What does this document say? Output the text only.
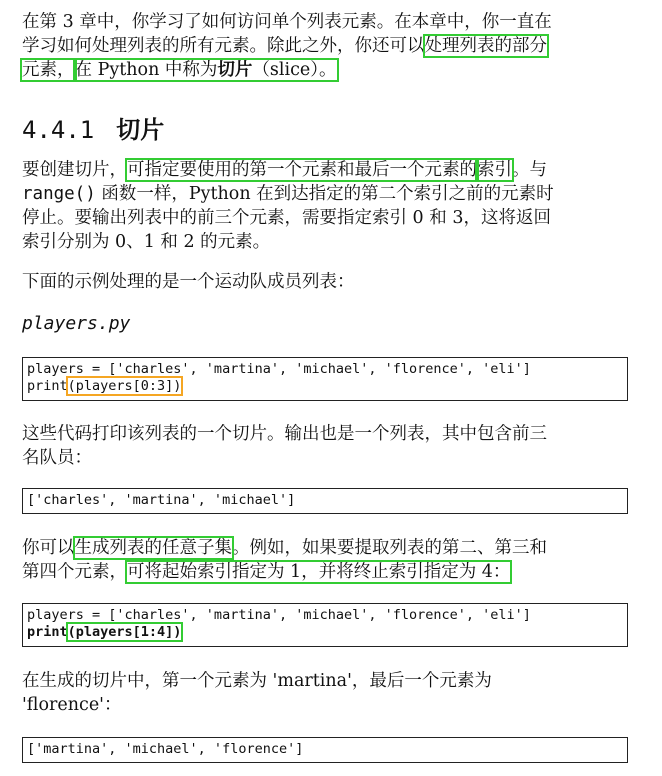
在第 3 章中，你学习了如何访问单个列表元素。在本章中，你一直在
学习如何处理列表的所有元素。除此之外，你还可以处理列表的部分
元素，在 Python 中称为切片（slice）。
4.4.1 切片
要创建切片，可指定要使用的第一个元素和最后一个元素的索引。与
range() 函数一样，Python 在到达指定的第二个索引之前的元素时
停止。要输出列表中的前三个元素，需要指定索引 0 和 3，这将返回
索引分别为 0、1 和 2 的元素。
下面的示例处理的是一个运动队成员列表：
players.py
players = ['charles', 'martina', 'michael', 'florence', 'eli']
print(players[0:3])
这些代码打印该列表的一个切片。输出也是一个列表，其中包含前三
名队员：
['charles', 'martina', 'michael']
你可以生成列表的任意子集。例如，如果要提取列表的第二、第三和
第四个元素，可将起始索引指定为 1，并将终止索引指定为 4：
players = ['charles', 'martina', 'michael', 'florence', 'eli']
print(players[1:4])
在生成的切片中，第一个元素为 'martina'，最后一个元素为
'florence'：
['martina', 'michael', 'florence']
